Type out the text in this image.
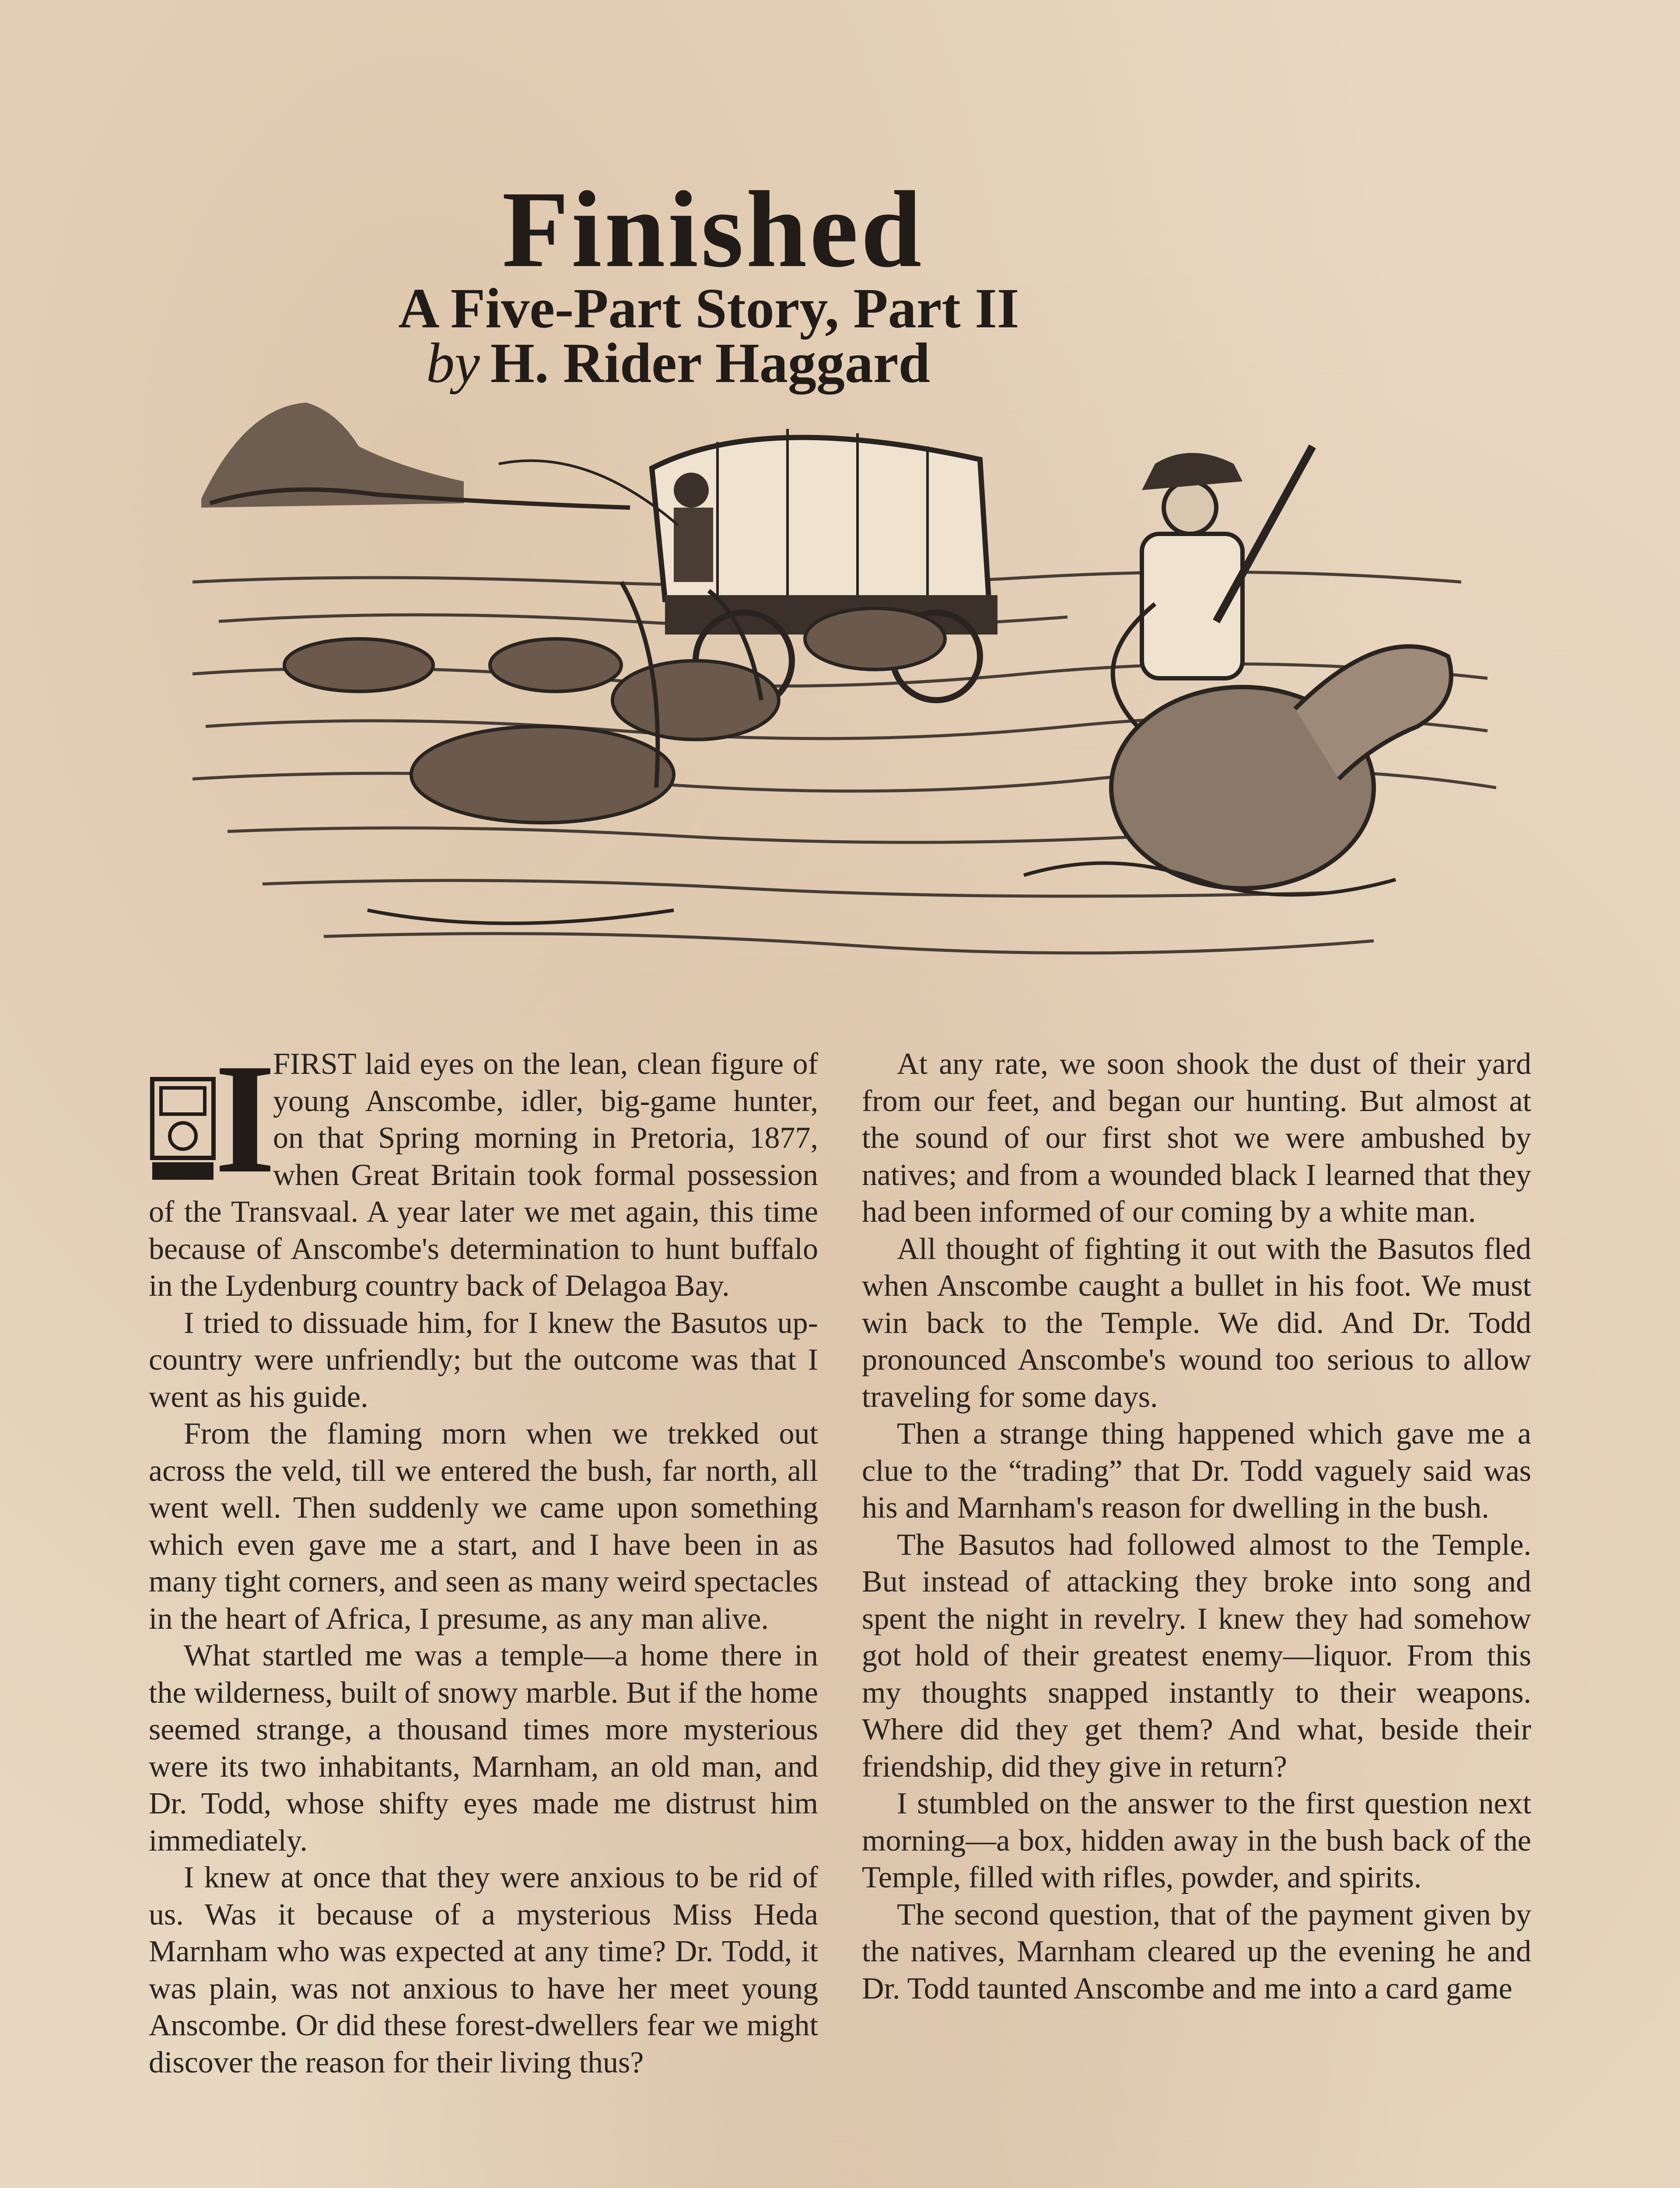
Finished
A Five-Part Story, Part II
by H. Rider Haggard

I
FIRST laid eyes on the lean, clean figure of young Anscombe, idler, big-game hunter, on that Spring morning in Pretoria, 1877, when Great Britain took formal possession of the Transvaal. A year later we met again, this time because of Anscombe's determination to hunt buffalo in the Lydenburg country back of Delagoa Bay.

I tried to dissuade him, for I knew the Basutos up-country were unfriendly; but the outcome was that I went as his guide.

From the flaming morn when we trekked out across the veld, till we entered the bush, far north, all went well. Then suddenly we came upon something which even gave me a start, and I have been in as many tight corners, and seen as many weird spectacles in the heart of Africa, I presume, as any man alive.

What startled me was a temple—a home there in the wilderness, built of snowy marble. But if the home seemed strange, a thousand times more mysterious were its two inhabitants, Marnham, an old man, and Dr. Todd, whose shifty eyes made me distrust him immediately.

I knew at once that they were anxious to be rid of us. Was it because of a mysterious Miss Heda Marnham who was expected at any time? Dr. Todd, it was plain, was not anxious to have her meet young Anscombe. Or did these forest-dwellers fear we might discover the reason for their living thus?

At any rate, we soon shook the dust of their yard from our feet, and began our hunting. But almost at the sound of our first shot we were ambushed by natives; and from a wounded black I learned that they had been informed of our coming by a white man.

All thought of fighting it out with the Basutos fled when Anscombe caught a bullet in his foot. We must win back to the Temple. We did. And Dr. Todd pronounced Anscombe's wound too serious to allow traveling for some days.

Then a strange thing happened which gave me a clue to the “trading” that Dr. Todd vaguely said was his and Marnham's reason for dwelling in the bush.

The Basutos had followed almost to the Temple. But instead of attacking they broke into song and spent the night in revelry. I knew they had somehow got hold of their greatest enemy—liquor. From this my thoughts snapped instantly to their weapons. Where did they get them? And what, beside their friendship, did they give in return?

I stumbled on the answer to the first question next morning—a box, hidden away in the bush back of the Temple, filled with rifles, powder, and spirits.

The second question, that of the payment given by the natives, Marnham cleared up the evening he and Dr. Todd taunted Anscombe and me into a card game
